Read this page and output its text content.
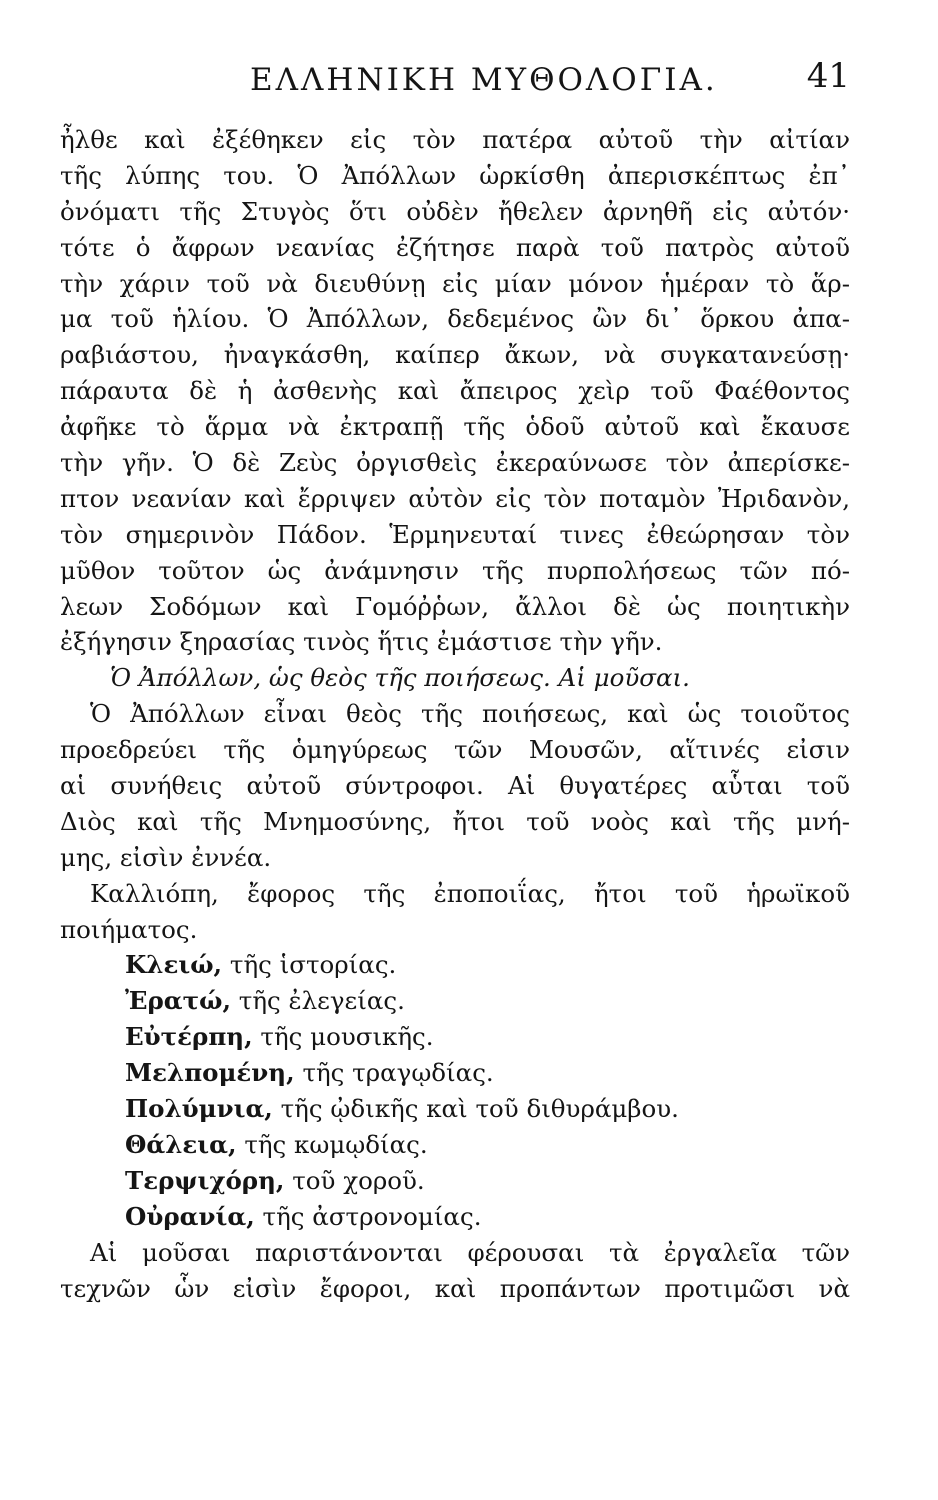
ΕΛΛΗΝΙΚΗ ΜΥΘΟΛΟΓΙΑ.	41
ἦλθε καὶ ἐξέθηκεν εἰς τὸν πατέρα αὐτοῦ τὴν αἰτίαν
τῆς λύπης του. Ὁ Ἀπόλλων ὡρκίσθη ἀπερισκέπτως ἐπ᾽
ὀνόματι τῆς Στυγὸς ὅτι οὐδὲν ἤθελεν ἀρνηθῆ εἰς αὐτόν·
τότε ὁ ἄφρων νεανίας ἐζήτησε παρὰ τοῦ πατρὸς αὐτοῦ
τὴν χάριν τοῦ νὰ διευθύνῃ εἰς μίαν μόνον ἡμέραν τὸ ἅρ-
μα τοῦ ἡλίου. Ὁ Ἀπόλλων, δεδεμένος ὢν δι᾽ ὅρκου ἀπα-
ραβιάστου, ἠναγκάσθη, καίπερ ἄκων, νὰ συγκατανεύσῃ·
πάραυτα δὲ ἡ ἀσθενὴς καὶ ἄπειρος χεὶρ τοῦ Φαέθοντος
ἀφῆκε τὸ ἅρμα νὰ ἐκτραπῇ τῆς ὁδοῦ αὐτοῦ καὶ ἔκαυσε
τὴν γῆν. Ὁ δὲ Ζεὺς ὀργισθεὶς ἐκεραύνωσε τὸν ἀπερίσκε-
πτον νεανίαν καὶ ἔρριψεν αὐτὸν εἰς τὸν ποταμὸν Ἠριδανὸν,
τὸν σημερινὸν Πάδον. Ἑρμηνευταί τινες ἐθεώρησαν τὸν
μῦθον τοῦτον ὡς ἀνάμνησιν τῆς πυρπολήσεως τῶν πό-
λεων Σοδόμων καὶ Γομόῤῥων, ἄλλοι δὲ ὡς ποιητικὴν
ἐξήγησιν ξηρασίας τινὸς ἥτις ἐμάστισε τὴν γῆν.
Ὁ Ἀπόλλων, ὡς θεὸς τῆς ποιήσεως. Αἱ μοῦσαι.
Ὁ Ἀπόλλων εἶναι θεὸς τῆς ποιήσεως, καὶ ὡς τοιοῦτος
προεδρεύει τῆς ὁμηγύρεως τῶν Μουσῶν, αἵτινές εἰσιν
αἱ συνήθεις αὐτοῦ σύντροφοι. Αἱ θυγατέρες αὗται τοῦ
Διὸς καὶ τῆς Μνημοσύνης, ἤτοι τοῦ νοὸς καὶ τῆς μνή-
μης, εἰσὶν ἐννέα.
Καλλιόπη, ἔφορος τῆς ἐποποιΐας, ἤτοι τοῦ ἡρωϊκοῦ
ποιήματος.
Κλειώ, τῆς ἱστορίας.
Ἐρατώ, τῆς ἐλεγείας.
Εὐτέρπη, τῆς μουσικῆς.
Μελπομένη, τῆς τραγῳδίας.
Πολύμνια, τῆς ᾠδικῆς καὶ τοῦ διθυράμβου.
Θάλεια, τῆς κωμῳδίας.
Τερψιχόρη, τοῦ χοροῦ.
Οὐρανία, τῆς ἀστρονομίας.
Αἱ μοῦσαι παριστάνονται φέρουσαι τὰ ἐργαλεῖα τῶν
τεχνῶν ὧν εἰσὶν ἔφοροι, καὶ προπάντων προτιμῶσι νὰ
